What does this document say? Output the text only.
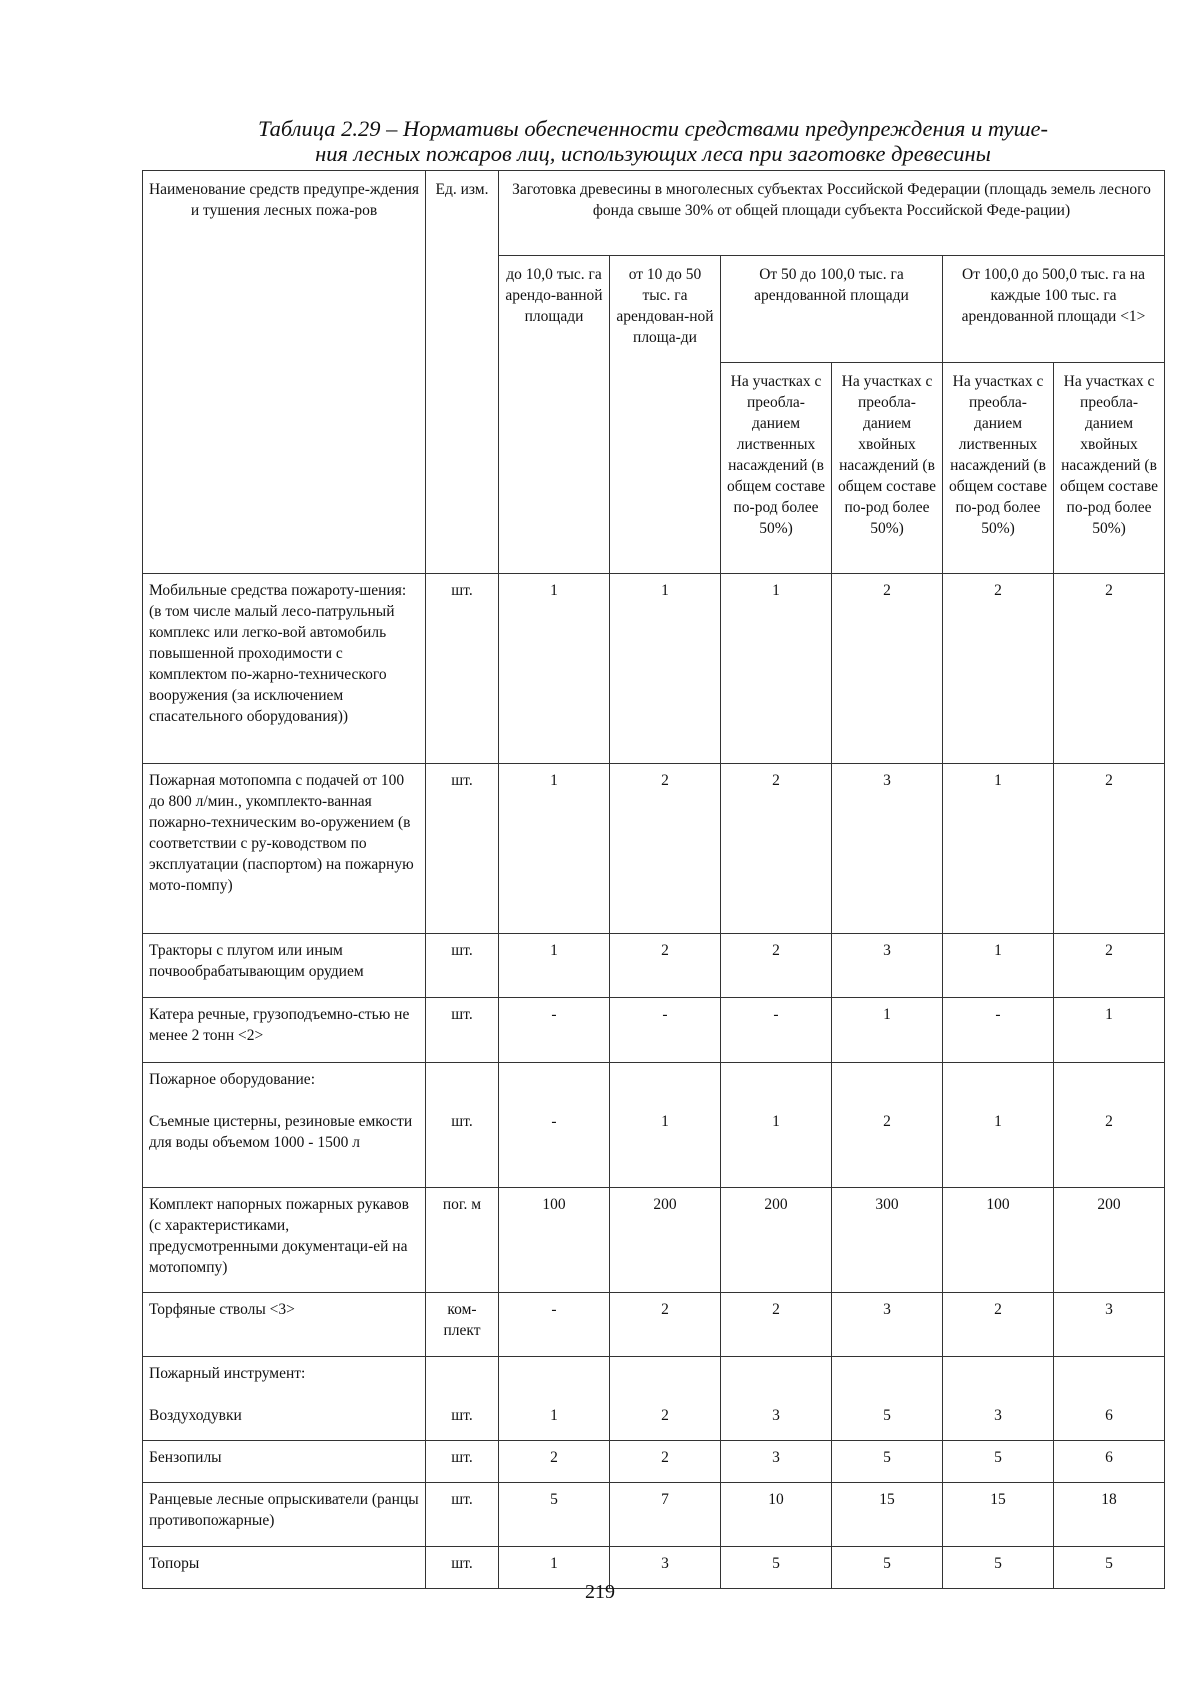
Таблица 2.29 – Нормативы обеспеченности средствами предупреждения и туше-
ния лесных пожаров лиц, использующих леса при заготовке древесины
Наименование средств предупре-ждения и тушения лесных пожа-ров	Ед. изм.	Заготовка древесины в многолесных субъектах Российской Федерации (площадь земель лесного фонда свыше 30% от общей площади субъекта Российской Феде-рации)					
		до 10,0 тыс. га арендо-ванной площади	от 10 до 50 тыс. га арендован-ной площа-ди	От 50 до 100,0 тыс. га арендованной площади		От 100,0 до 500,0 тыс. га на каждые 100 тыс. га арендованной площади <1>	
				На участках с преобла-данием лиственных насаждений (в общем составе по-род более 50%)	На участках с преобла-данием хвойных насаждений (в общем составе по-род более 50%)	На участках с преобла-данием лиственных насаждений (в общем составе по-род более 50%)	На участках с преобла-данием хвойных насаждений (в общем составе по-род более 50%)
Мобильные средства пожароту-шения: (в том числе малый лесо-патрульный комплекс или легко-вой автомобиль повышенной проходимости с комплектом по-жарно-технического вооружения (за исключением спасательного оборудования))	шт.	1	1	1	2	2	2
Пожарная мотопомпа с подачей от 100 до 800 л/мин., укомплекто-ванная пожарно-техническим во-оружением (в соответствии с ру-ководством по эксплуатации (паспортом) на пожарную мото-помпу)	шт.	1	2	2	3	1	2
Тракторы с плугом или иным почвообрабатывающим орудием	шт.	1	2	2	3	1	2
Катера речные, грузоподъемно-стью не менее 2 тонн <2>	шт.	-	-	-	1	-	1
Пожарное оборудование:							
Съемные цистерны, резиновые емкости для воды объемом 1000 - 1500 л	шт.	-	1	1	2	1	2
Комплект напорных пожарных рукавов (с характеристиками, предусмотренными документаци-ей на мотопомпу)	пог. м	100	200	200	300	100	200
Торфяные стволы <3>	ком-плект	-	2	2	3	2	3
Пожарный инструмент:							
Воздуходувки	шт.	1	2	3	5	3	6
Бензопилы	шт.	2	2	3	5	5	6
Ранцевые лесные опрыскиватели (ранцы противопожарные)	шт.	5	7	10	15	15	18
Топоры	шт.	1	3	5	5	5	5
219
